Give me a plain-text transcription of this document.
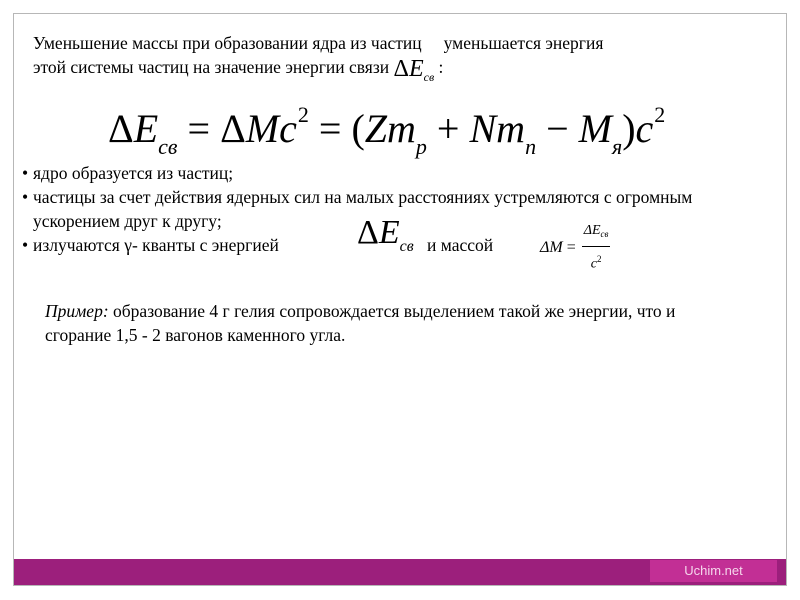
Уменьшение массы при образовании ядра из частиц уменьшается энергия
этой системы частиц на значение энергии связи $\Delta E_{св}$ :
$\Delta E_{св} = \Delta Mc^2 = (Zm_p + Nm_n - M_я)c^2$
• ядро образуется из частиц;
• частицы за счет действия ядерных сил на малых расстояниях устремляются с огромным ускорением друг к другу;
• излучаются γ- кванты с энергией $\Delta E_{св}$ и массой	$\Delta M = \frac{\Delta E_{св}}{c^2}$
Пример: образование 4 г гелия сопровождается выделением такой же энергии, что и сгорание 1,5 - 2 вагонов каменного угла.
Uchim.net
